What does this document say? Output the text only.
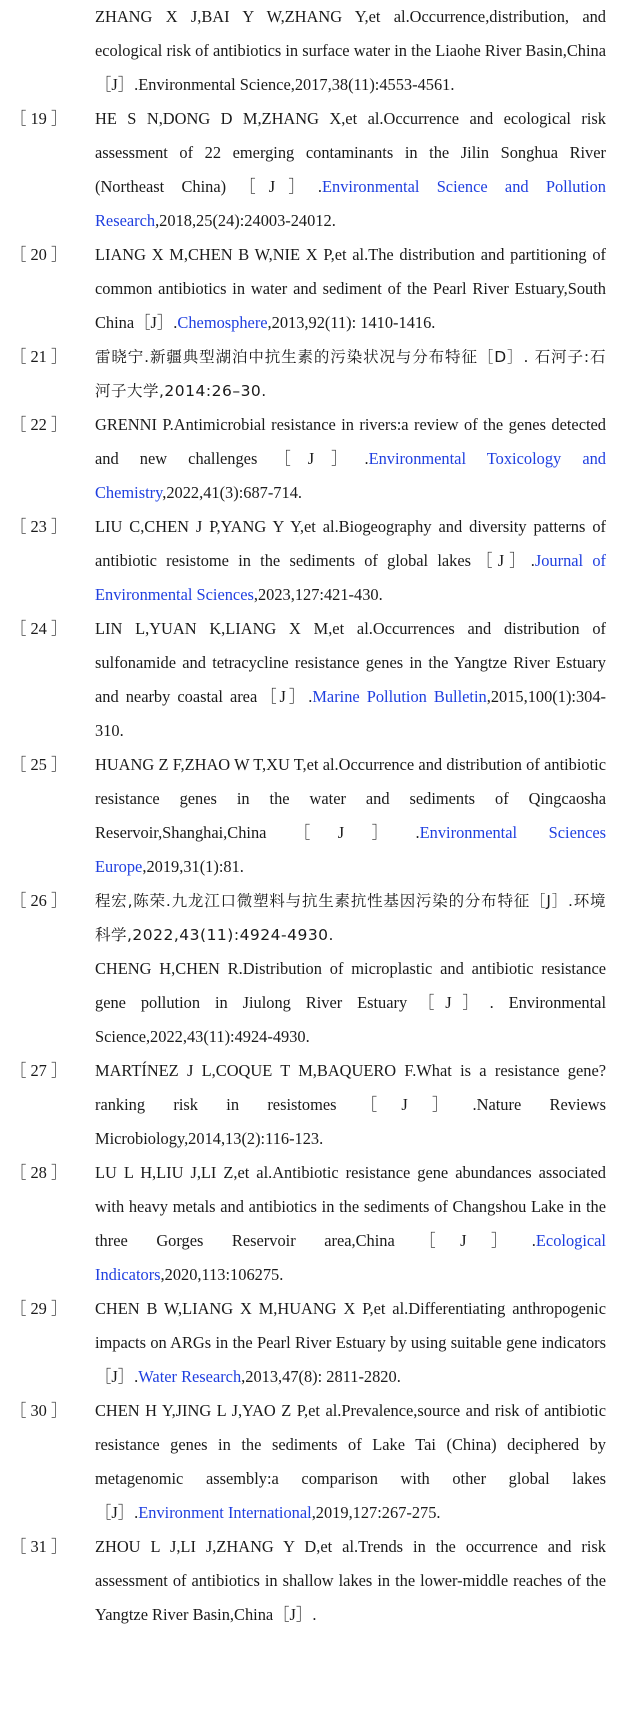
ZHANG X J,BAI Y W,ZHANG Y,et al.Occurrence,distribution, and ecological risk of antibiotics in surface water in the Liaohe River Basin,China［J］.Environmental Science,2017,38(11):4553-4561.
［ 19 ］	HE S N,DONG D M,ZHANG X,et al.Occurrence and ecological risk assessment of 22 emerging contaminants in the Jilin Songhua River (Northeast China)［J］.Environmental Science and Pollution Research,2018,25(24):24003-24012.
［ 20 ］	LIANG X M,CHEN B W,NIE X P,et al.The distribution and partitioning of common antibiotics in water and sediment of the Pearl River Estuary,South China［J］.Chemosphere,2013,92(11): 1410-1416.
［ 21 ］	雷晓宁.新疆典型湖泊中抗生素的污染状况与分布特征［D］. 石河子:石河子大学,2014:26–30.
［ 22 ］	GRENNI P.Antimicrobial resistance in rivers:a review of the genes detected and new challenges［J］.Environmental Toxicology and Chemistry,2022,41(3):687-714.
［ 23 ］	LIU C,CHEN J P,YANG Y Y,et al.Biogeography and diversity patterns of antibiotic resistome in the sediments of global lakes［J］.Journal of Environmental Sciences,2023,127:421-430.
［ 24 ］	LIN L,YUAN K,LIANG X M,et al.Occurrences and distribution of sulfonamide and tetracycline resistance genes in the Yangtze River Estuary and nearby coastal area［J］.Marine Pollution Bulletin,2015,100(1):304-310.
［ 25 ］	HUANG Z F,ZHAO W T,XU T,et al.Occurrence and distribution of antibiotic resistance genes in the water and sediments of Qingcaosha Reservoir,Shanghai,China［J］.Environmental Sciences Europe,2019,31(1):81.
［ 26 ］	程宏,陈荣.九龙江口微塑料与抗生素抗性基因污染的分布特征［J］.环境科学,2022,43(11):4924-4930.
CHENG H,CHEN R.Distribution of microplastic and antibiotic resistance gene pollution in Jiulong River Estuary［J］. Environmental Science,2022,43(11):4924-4930.
［ 27 ］	MARTÍNEZ J L,COQUE T M,BAQUERO F.What is a resistance gene?ranking risk in resistomes［J］.Nature Reviews Microbiology,2014,13(2):116-123.
［ 28 ］	LU L H,LIU J,LI Z,et al.Antibiotic resistance gene abundances associated with heavy metals and antibiotics in the sediments of Changshou Lake in the three Gorges Reservoir area,China［J］.Ecological Indicators,2020,113:106275.
［ 29 ］	CHEN B W,LIANG X M,HUANG X P,et al.Differentiating anthropogenic impacts on ARGs in the Pearl River Estuary by using suitable gene indicators［J］.Water Research,2013,47(8): 2811-2820.
［ 30 ］	CHEN H Y,JING L J,YAO Z P,et al.Prevalence,source and risk of antibiotic resistance genes in the sediments of Lake Tai (China) deciphered by metagenomic assembly:a comparison with other global lakes［J］.Environment International,2019,127:267-275.
［ 31 ］	ZHOU L J,LI J,ZHANG Y D,et al.Trends in the occurrence and risk assessment of antibiotics in shallow lakes in the lower-middle reaches of the Yangtze River Basin,China［J］.
